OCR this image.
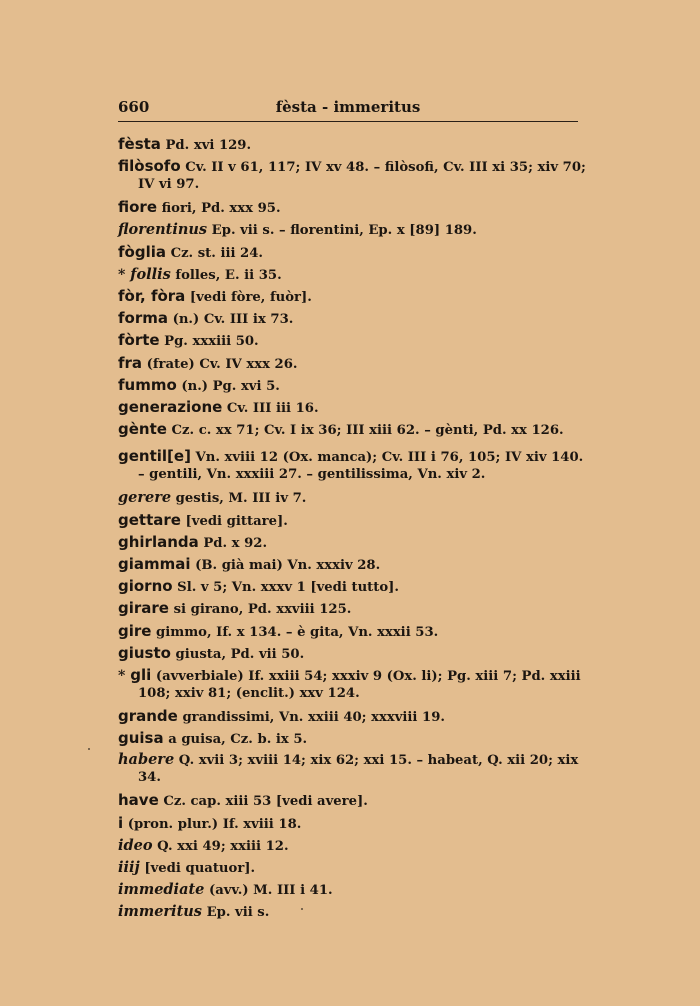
660	fèsta - immeritus
fèsta Pd. xvi 129.
filòsofo Cv. II v 61, 117; IV xv 48. – filòsofi, Cv. III xi 35; xiv 70; IV vi 97.
fiore fiori, Pd. xxx 95.
florentinus Ep. vii s. – florentini, Ep. x [89] 189.
fòglia Cz. st. iii 24.
* follis folles, E. ii 35.
fòr, fòra [vedi fòre, fuòr].
forma (n.) Cv. III ix 73.
fòrte Pg. xxxiii 50.
fra (frate) Cv. IV xxx 26.
fummo (n.) Pg. xvi 5.
generazione Cv. III iii 16.
gènte Cz. c. xx 71; Cv. I ix 36; III xiii 62. – gènti, Pd. xx 126.
gentil[e] Vn. xviii 12 (Ox. manca); Cv. III i 76, 105; IV xiv 140. – gentili, Vn. xxxiii 27. – gentilissima, Vn. xiv 2.
gerere gestis, M. III iv 7.
gettare [vedi gittare].
ghirlanda Pd. x 92.
giammai (B. già mai) Vn. xxxiv 28.
giorno Sl. v 5; Vn. xxxv 1 [vedi tutto].
girare si girano, Pd. xxviii 125.
gire gimmo, If. x 134. – è gita, Vn. xxxii 53.
giusto giusta, Pd. vii 50.
* gli (avverbiale) If. xxiii 54; xxxiv 9 (Ox. li); Pg. xiii 7; Pd. xxiii 108; xxiv 81; (enclit.) xxv 124.
grande grandissimi, Vn. xxiii 40; xxxviii 19.
guisa a guisa, Cz. b. ix 5.
habere Q. xvii 3; xviii 14; xix 62; xxi 15. – habeat, Q. xii 20; xix 34.
have Cz. cap. xiii 53 [vedi avere].
i (pron. plur.) If. xviii 18.
ideo Q. xxi 49; xxiii 12.
iiij [vedi quatuor].
immediate (avv.) M. III i 41.
immeritus Ep. vii s.
